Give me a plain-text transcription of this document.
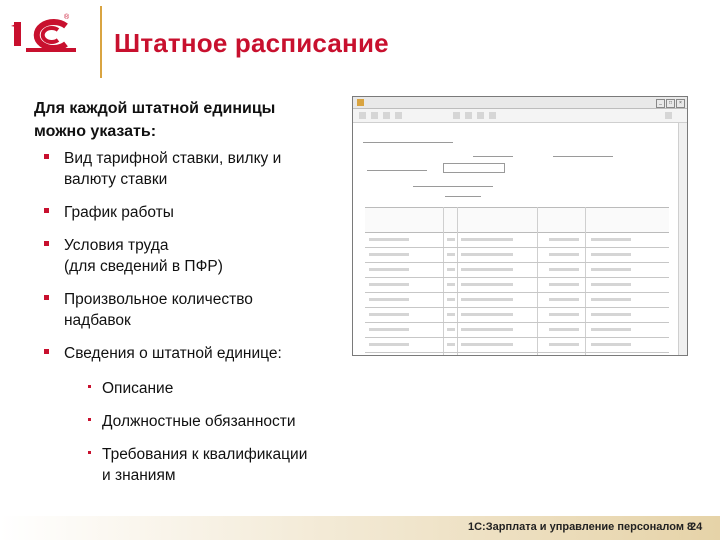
®
Штатное расписание
Для каждой штатной единицы можно указать:
Вид тарифной ставки, вилку и
валюту ставки
График работы
Условия труда
(для сведений в ПФР)
Произвольное количество
надбавок
Сведения о штатной единице:
Описание
Должностные обязанности
Требования к квалификации
и знаниям
_	□	×
1С:Зарплата и управление персоналом 8
24
